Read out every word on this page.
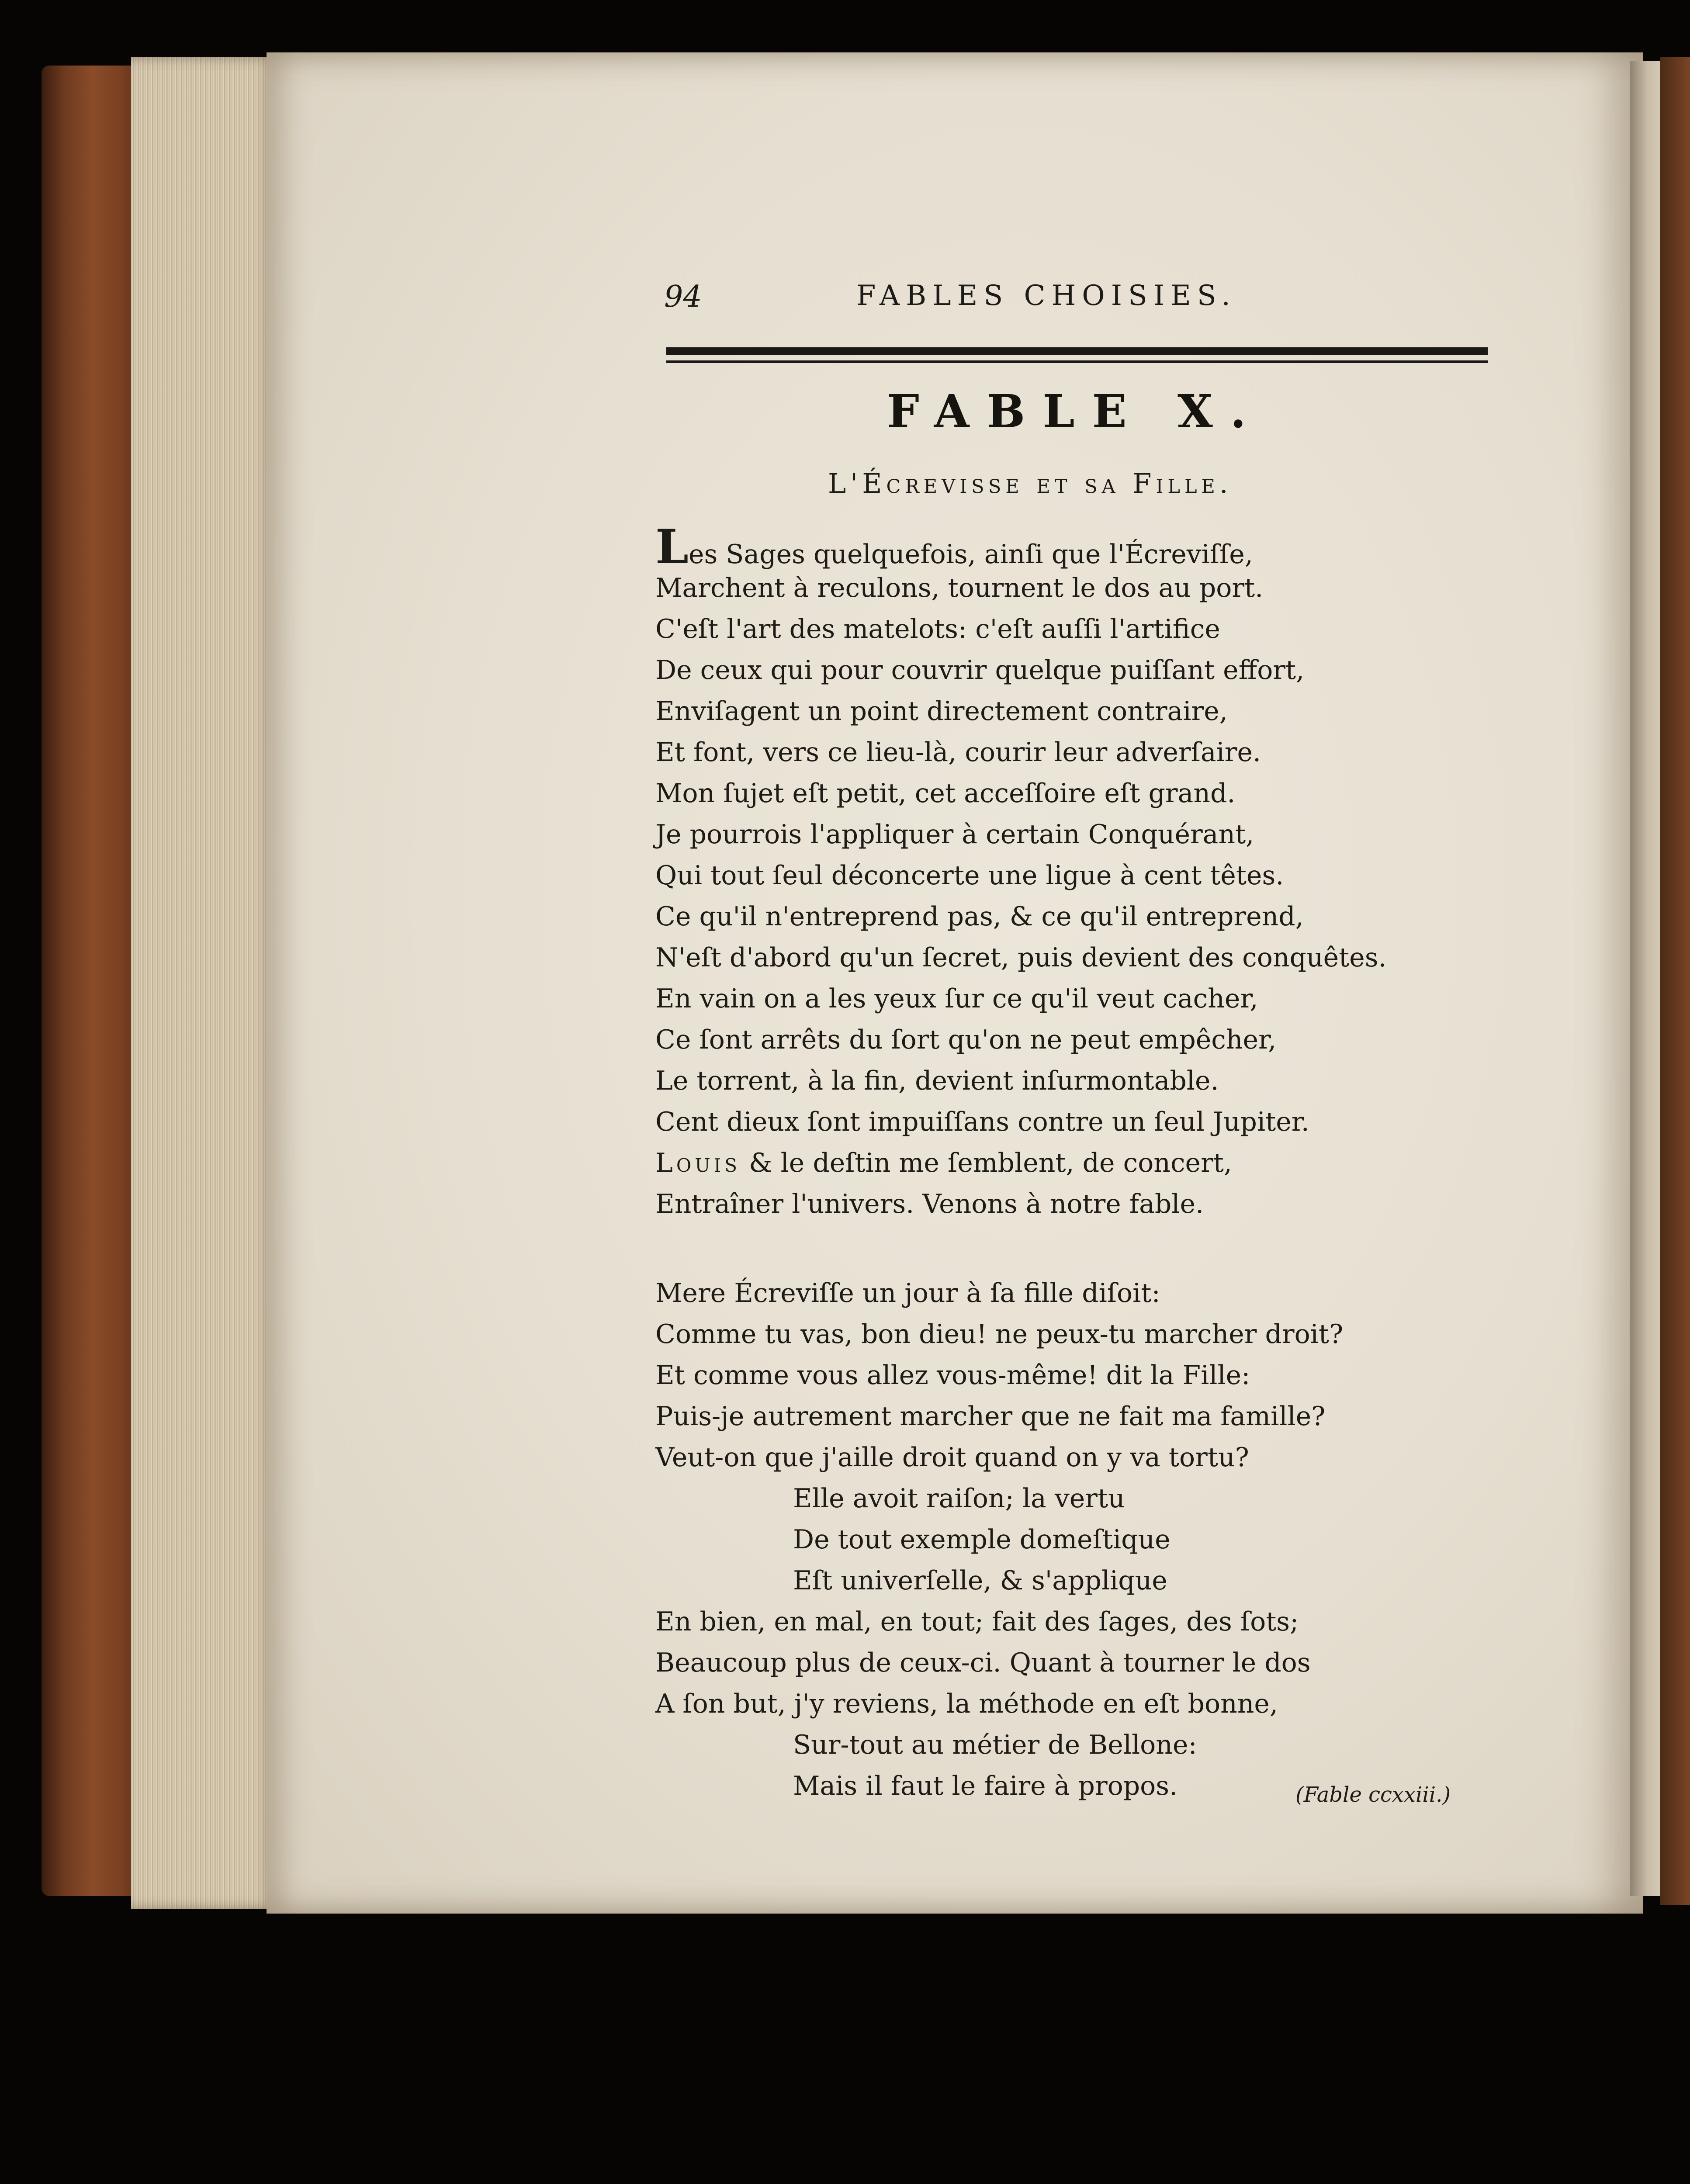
94	FABLES CHOISIES.
FABLE X.
L'Écrevisse et sa Fille.
Les Sages quelquefois, ainſi que l'Écreviſſe,
Marchent à reculons, tournent le dos au port.
C'eſt l'art des matelots: c'eſt auſſi l'artifice
De ceux qui pour couvrir quelque puiſſant effort,
Enviſagent un point directement contraire,
Et font, vers ce lieu-là, courir leur adverſaire.
Mon ſujet eſt petit, cet acceſſoire eſt grand.
Je pourrois l'appliquer à certain Conquérant,
Qui tout ſeul déconcerte une ligue à cent têtes.
Ce qu'il n'entreprend pas, & ce qu'il entreprend,
N'eſt d'abord qu'un ſecret, puis devient des conquêtes.
En vain on a les yeux ſur ce qu'il veut cacher,
Ce ſont arrêts du ſort qu'on ne peut empêcher,
Le torrent, à la fin, devient inſurmontable.
Cent dieux ſont impuiſſans contre un ſeul Jupiter.
Louis & le deſtin me ſemblent, de concert,
Entraîner l'univers. Venons à notre fable.
Mere Écreviſſe un jour à ſa fille diſoit:
Comme tu vas, bon dieu! ne peux-tu marcher droit?
Et comme vous allez vous-même! dit la Fille:
Puis-je autrement marcher que ne fait ma famille?
Veut-on que j'aille droit quand on y va tortu?
Elle avoit raiſon; la vertu
De tout exemple domeſtique
Eſt univerſelle, & s'applique
En bien, en mal, en tout; fait des ſages, des ſots;
Beaucoup plus de ceux-ci. Quant à tourner le dos
A ſon but, j'y reviens, la méthode en eſt bonne,
Sur-tout au métier de Bellone:
Mais il faut le faire à propos.	(Fable ccxxiii.)
